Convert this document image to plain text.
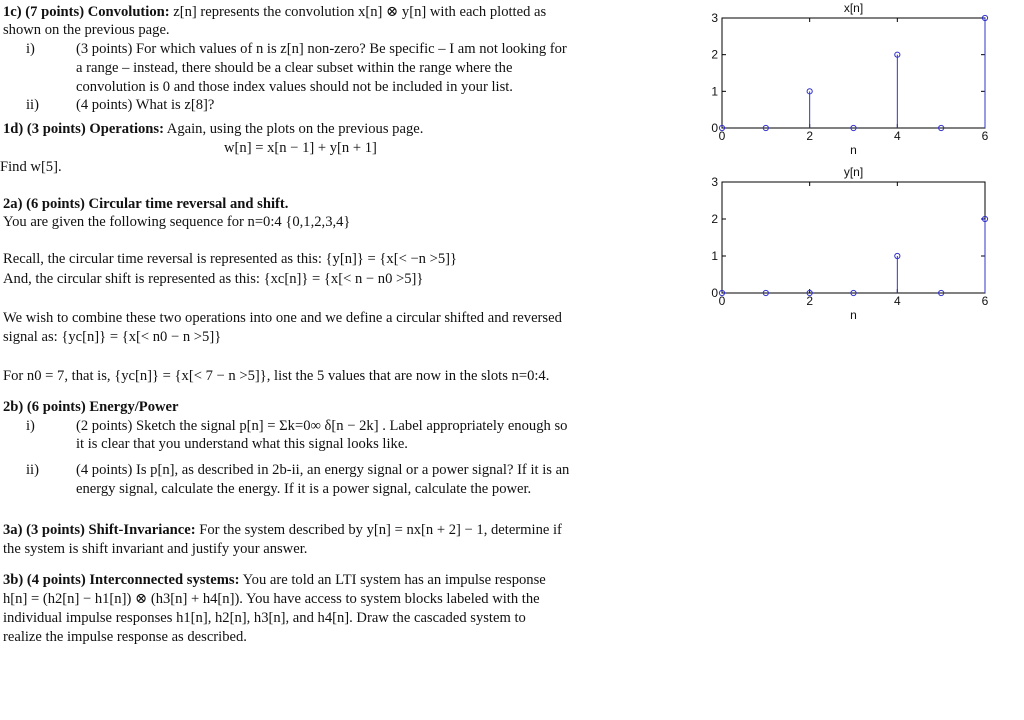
1c) (7 points) Convolution: z[n] represents the convolution x[n] ⊗ y[n] with each plotted as
shown on the previous page.
i)	(3 points) For which values of n is z[n] non-zero? Be specific – I am not looking for
a range – instead, there should be a clear subset within the range where the
convolution is 0 and those index values should not be included in your list.
ii)	(4 points) What is z[8]?
1d) (3 points) Operations: Again, using the plots on the previous page.
w[n] = x[n − 1] + y[n + 1]
Find w[5].
2a) (6 points) Circular time reversal and shift.
You are given the following sequence for n=0:4 {0,1,2,3,4}
Recall, the circular time reversal is represented as this: {y[n]} = {x[< −n >5]}
And, the circular shift is represented as this: {xc[n]} = {x[< n − n0 >5]}
We wish to combine these two operations into one and we define a circular shifted and reversed
signal as: {yc[n]} = {x[< n0 − n >5]}
For n0 = 7, that is, {yc[n]} = {x[< 7 − n >5]}, list the 5 values that are now in the slots n=0:4.
2b) (6 points) Energy/Power
i)	(2 points) Sketch the signal p[n] = Σk=0∞ δ[n − 2k] . Label appropriately enough so
it is clear that you understand what this signal looks like.
ii)	(4 points) Is p[n], as described in 2b-ii, an energy signal or a power signal? If it is an
energy signal, calculate the energy. If it is a power signal, calculate the power.
3a) (3 points) Shift-Invariance: For the system described by y[n] = nx[n + 2] − 1, determine if
the system is shift invariant and justify your answer.
3b) (4 points) Interconnected systems: You are told an LTI system has an impulse response
h[n] = (h2[n] − h1[n]) ⊗ (h3[n] + h4[n]). You have access to system blocks labeled with the
individual impulse responses h1[n], h2[n], h3[n], and h4[n]. Draw the cascaded system to
realize the impulse response as described.
0
1
2
3
0	2	4	6
n
x[n]
0
1
2
3
0	2	4	6
n
y[n]
